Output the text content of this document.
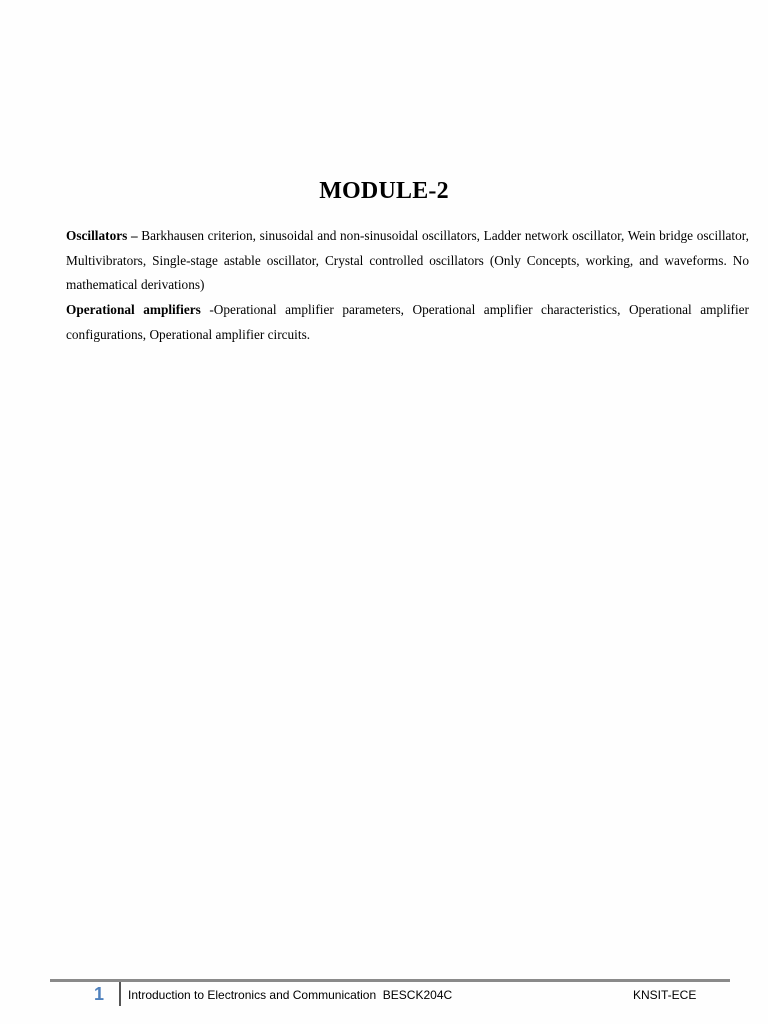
MODULE-2

Oscillators – Barkhausen criterion, sinusoidal and non-sinusoidal oscillators, Ladder network oscillator, Wein bridge oscillator, Multivibrators, Single-stage astable oscillator, Crystal controlled oscillators (Only Concepts, working, and waveforms. No mathematical derivations)

Operational amplifiers -Operational amplifier parameters, Operational amplifier characteristics, Operational amplifier configurations, Operational amplifier circuits.

1	Introduction to Electronics and Communication  BESCK204C	KNSIT-ECE
